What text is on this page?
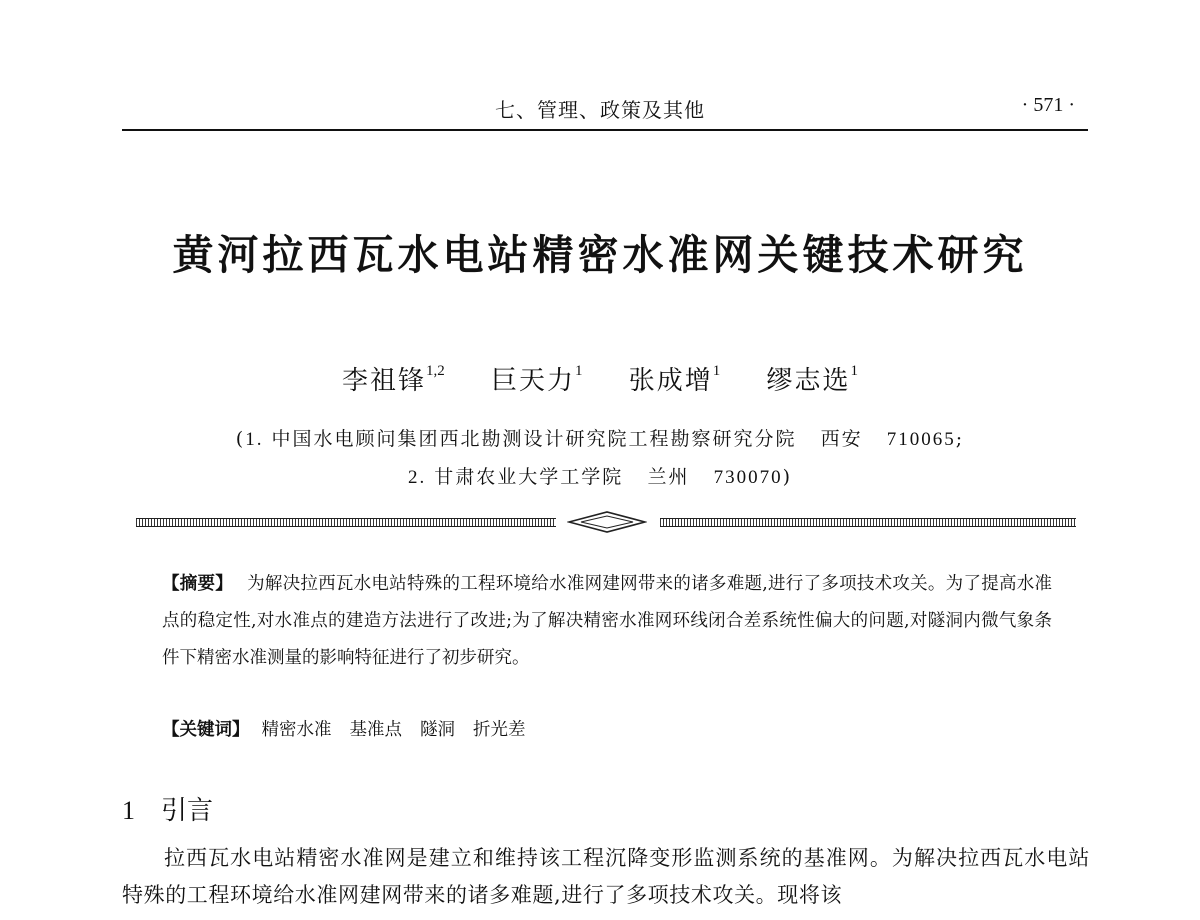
七、管理、政策及其他	· 571 ·
黄河拉西瓦水电站精密水准网关键技术研究
李祖锋$^{1,2}$ 巨天力$^1$ 张成增$^1$ 缪志选$^1$
(1. 中国水电顾问集团西北勘测设计研究院工程勘察研究分院 西安 710065;
2. 甘肃农业大学工学院 兰州 730070)
【摘要】 为解决拉西瓦水电站特殊的工程环境给水准网建网带来的诸多难题,进行了多项技术攻关。为了提高水准点的稳定性,对水准点的建造方法进行了改进;为了解决精密水准网环线闭合差系统性偏大的问题,对隧洞内微气象条件下精密水准测量的影响特征进行了初步研究。
【关键词】 精密水准 基准点 隧洞 折光差
1 引言
拉西瓦水电站精密水准网是建立和维持该工程沉降变形监测系统的基准网。为解决拉西瓦水电站特殊的工程环境给水准网建网带来的诸多难题,进行了多项技术攻关。现将该
